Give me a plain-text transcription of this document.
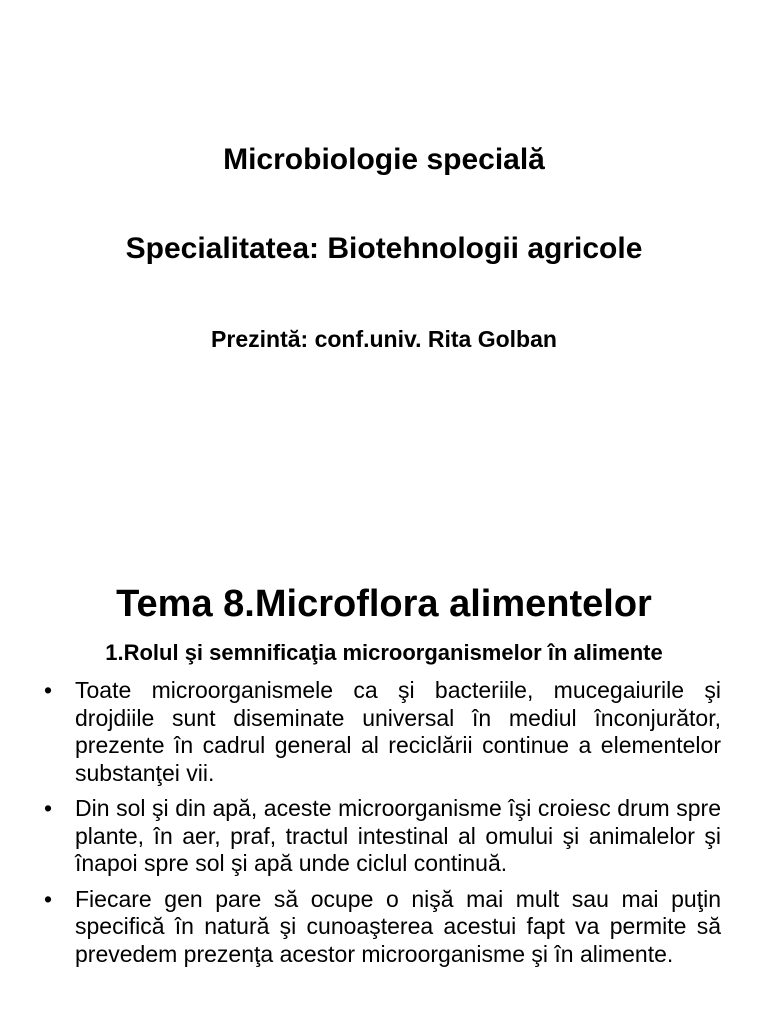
Microbiologie specială
Specialitatea: Biotehnologii agricole
Prezintă: conf.univ. Rita Golban
Tema 8.Microflora alimentelor
1.Rolul şi semnificaţia microorganismelor în alimente
• Toate microorganismele ca şi bacteriile, mucegaiurile şi drojdiile sunt diseminate universal în mediul înconjurător, prezente în cadrul general al reciclării continue a elementelor substanţei vii.
• Din sol şi din apă, aceste microorganisme îşi croiesc drum spre plante, în aer, praf, tractul intestinal al omului şi animalelor şi înapoi spre sol şi apă unde ciclul continuă.
• Fiecare gen pare să ocupe o nişă mai mult sau mai puţin specifică în natură şi cunoaşterea acestui fapt va permite să prevedem prezenţa acestor microorganisme şi în alimente.
